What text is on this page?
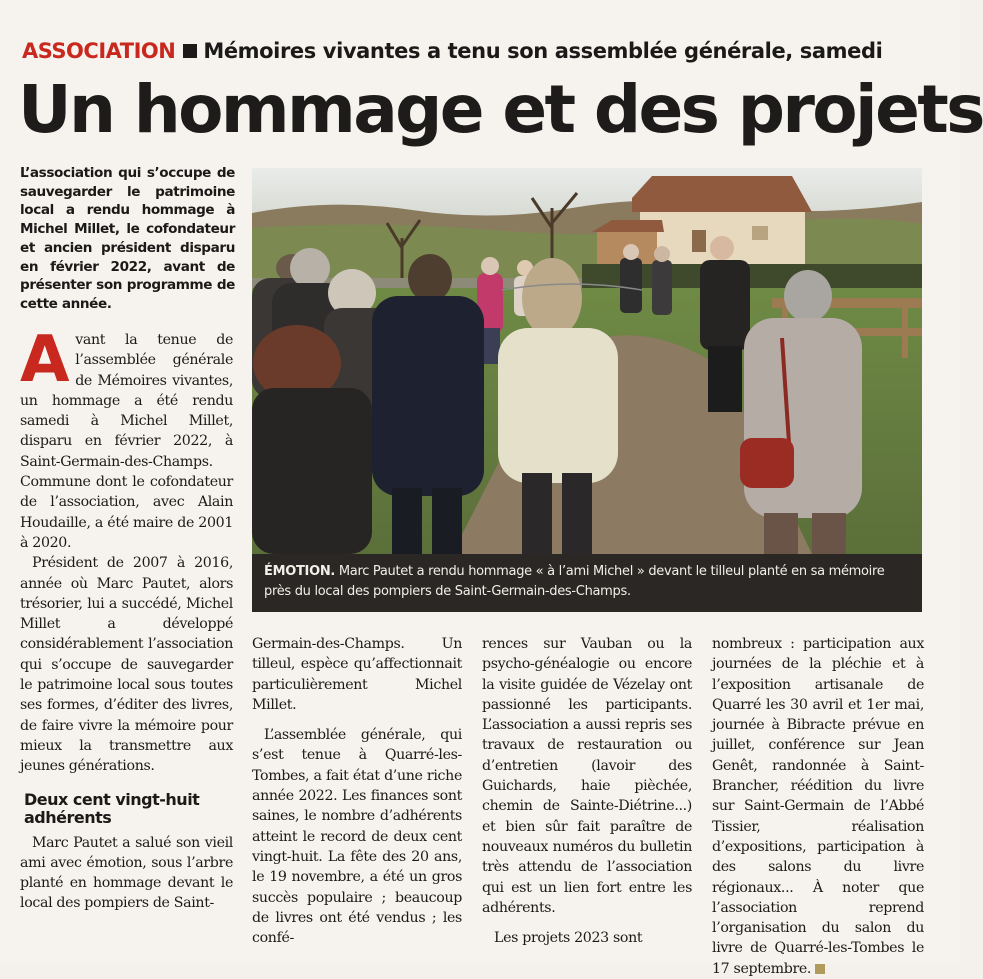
ASSOCIATION Mémoires vivantes a tenu son assemblée générale, samedi
Un hommage et des projets
L’association qui s’occupe de sauvegarder le patrimoine local a rendu hommage à Michel Millet, le cofondateur et ancien président disparu en février 2022, avant de présenter son programme de cette année.
ÉMOTION. Marc Pautet a rendu hommage « à l’ami Michel » devant le tilleul planté en sa mémoire près du local des pompiers de Saint-Germain-des-Champs.

Avant la tenue de l’assemblée générale de Mémoires vivantes, un hommage a été rendu samedi à Michel Millet, disparu en février 2022, à Saint-Germain-des-Champs. Commune dont le cofondateur de l’association, avec Alain Houdaille, a été maire de 2001 à 2020.

Président de 2007 à 2016, année où Marc Pautet, alors trésorier, lui a succédé, Michel Millet a développé considérablement l’association qui s’occupe de sauvegarder le patrimoine local sous toutes ses formes, d’éditer des livres, de faire vivre la mémoire pour mieux la transmettre aux jeunes générations.

Deux cent vingt-huit adhérents

Marc Pautet a salué son vieil ami avec émotion, sous l’arbre planté en hommage devant le local des pompiers de Saint-

Germain-des-Champs. Un tilleul, espèce qu’affectionnait particulièrement Michel Millet.

L’assemblée générale, qui s’est tenue à Quarré-les-Tombes, a fait état d’une riche année 2022. Les finances sont saines, le nombre d’adhérents atteint le record de deux cent vingt-huit. La fête des 20 ans, le 19 novembre, a été un gros succès populaire ; beaucoup de livres ont été vendus ; les confé-

rences sur Vauban ou la psycho-généalogie ou encore la visite guidée de Vézelay ont passionné les participants. L’association a aussi repris ses travaux de restauration ou d’entretien (lavoir des Guichards, haie pièchée, chemin de Sainte-Diétrine...) et bien sûr fait paraître de nouveaux numéros du bulletin très attendu de l’association qui est un lien fort entre les adhérents.

Les projets 2023 sont

nombreux : participation aux journées de la pléchie et à l’exposition artisanale de Quarré les 30 avril et 1er mai, journée à Bibracte prévue en juillet, conférence sur Jean Genêt, randonnée à Saint-Brancher, réédition du livre sur Saint-Germain de l’Abbé Tissier, réalisation d’expositions, participation à des salons du livre régionaux... À noter que l’association reprend l’organisation du salon du livre de Quarré-les-Tombes le 17 septembre.
